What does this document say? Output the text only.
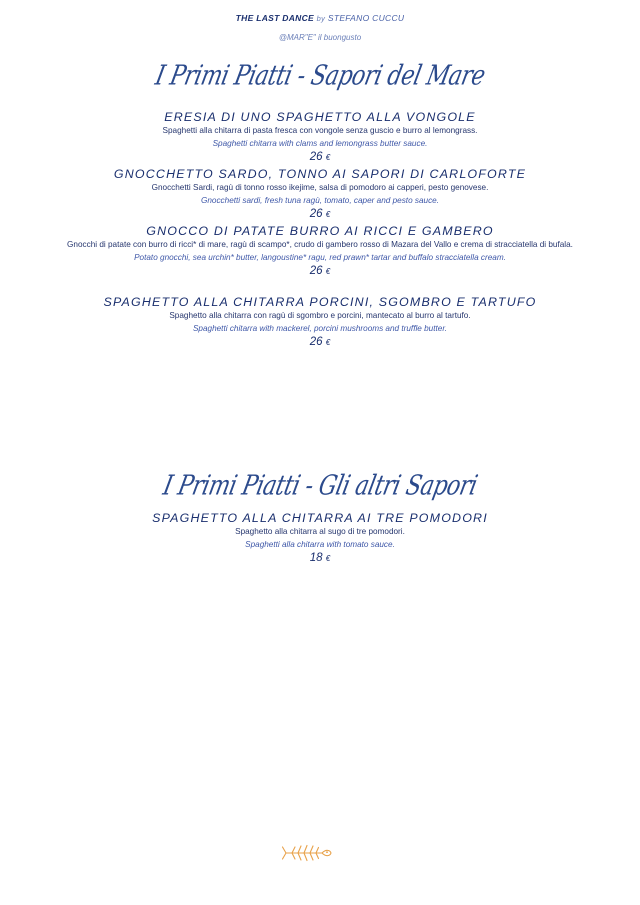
THE LAST DANCE by STEFANO CUCCU
@MAR"E" il buongusto
I Primi Piatti - Sapori del Mare
ERESIA DI UNO SPAGHETTO ALLA VONGOLE
Spaghetti alla chitarra di pasta fresca con vongole senza guscio e burro al lemongrass.
Spaghetti chitarra with clams and lemongrass butter sauce.
26 €
GNOCCHETTO SARDO, TONNO AI SAPORI DI CARLOFORTE
Gnocchetti Sardi, ragù di tonno rosso ikejime, salsa di pomodoro ai capperi, pesto genovese.
Gnocchetti sardi, fresh tuna ragù, tomato, caper and pesto sauce.
26 €
GNOCCO DI PATATE BURRO AI RICCI E GAMBERO
Gnocchi di patate con burro di ricci* di mare, ragù di scampo*, crudo di gambero rosso di Mazara del Vallo e crema di stracciatella di bufala.
Potato gnocchi, sea urchin* butter, langoustine* ragu, red prawn* tartar and buffalo stracciatella cream.
26 €
SPAGHETTO ALLA CHITARRA PORCINI, SGOMBRO E TARTUFO
Spaghetto alla chitarra con ragù di sgombro e porcini, mantecato al burro al tartufo.
Spaghetti chitarra with mackerel, porcini mushrooms and truffle butter.
26 €
I Primi Piatti - Gli altri Sapori
SPAGHETTO ALLA CHITARRA AI TRE POMODORI
Spaghetto alla chitarra al sugo di tre pomodori.
Spaghetti alla chitarra with tomato sauce.
18 €
